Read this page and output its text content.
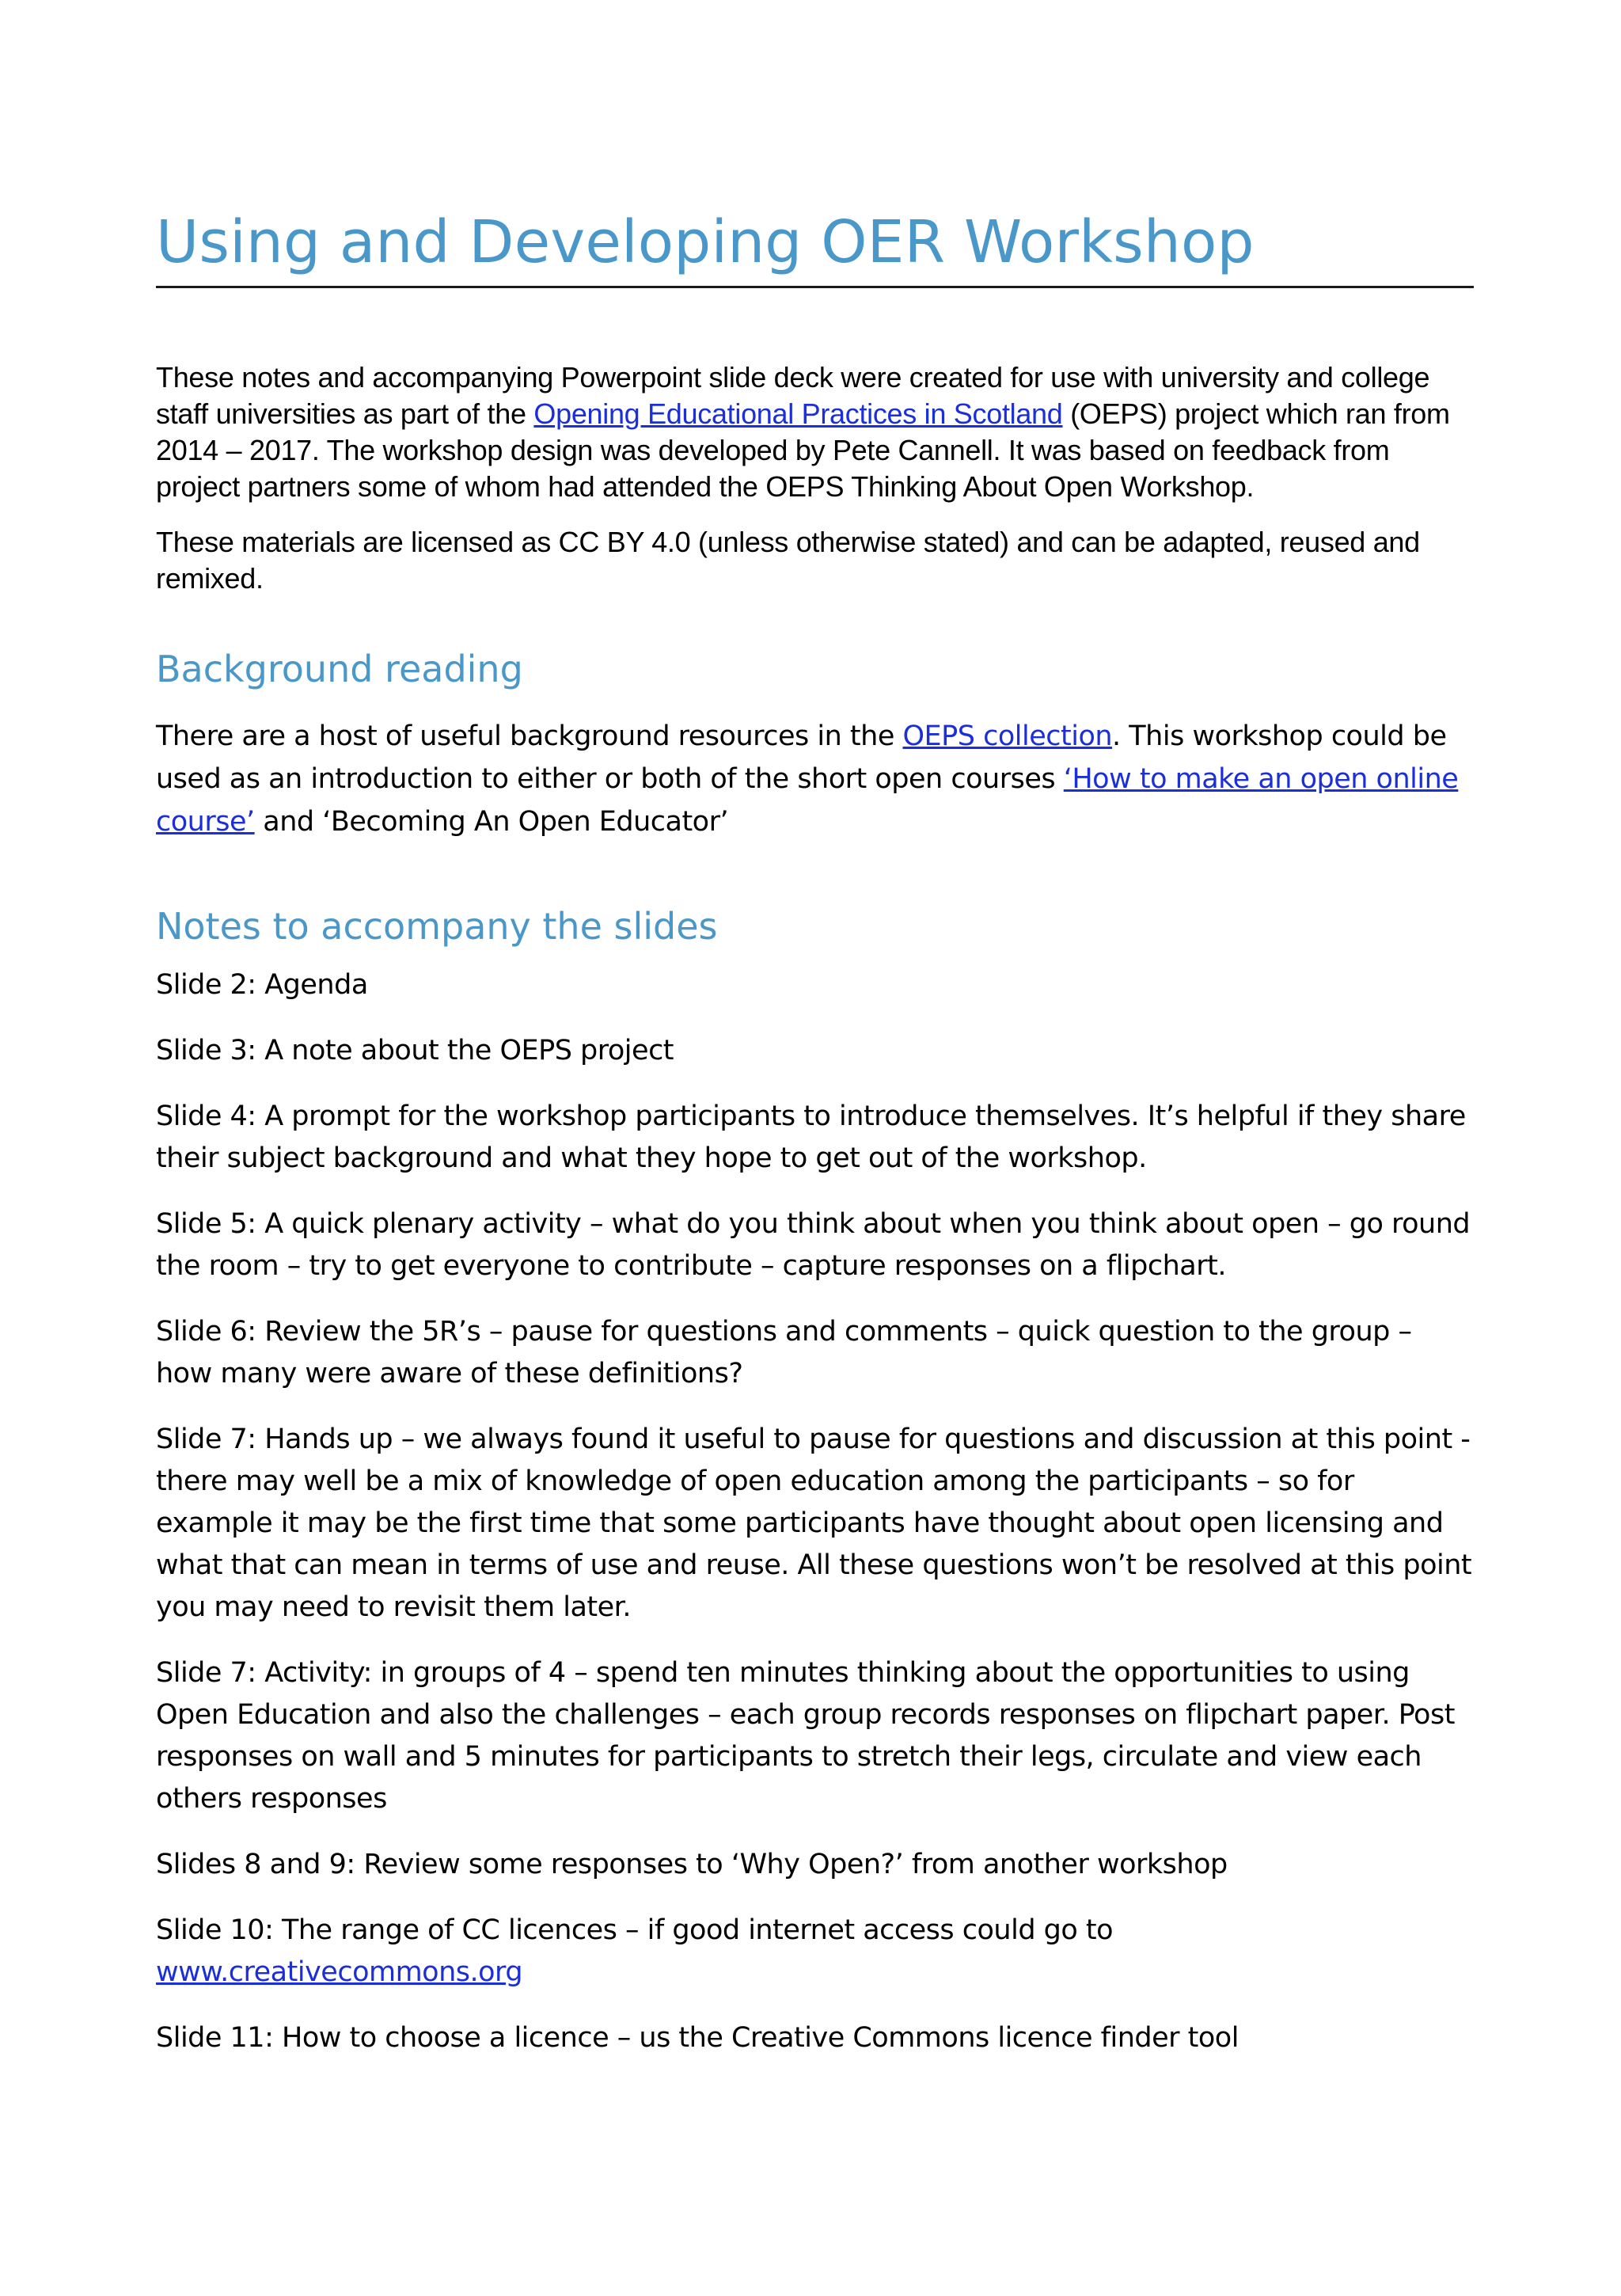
Using and Developing OER Workshop

These notes and accompanying Powerpoint slide deck were created for use with university and college staff universities as part of the Opening Educational Practices in Scotland (OEPS) project which ran from 2014 – 2017. The workshop design was developed by Pete Cannell. It was based on feedback from project partners some of whom had attended the OEPS Thinking About Open Workshop.

These materials are licensed as CC BY 4.0 (unless otherwise stated) and can be adapted, reused and remixed.

Background reading

There are a host of useful background resources in the OEPS collection. This workshop could be used as an introduction to either or both of the short open courses ‘How to make an open online course’ and ‘Becoming An Open Educator’

Notes to accompany the slides

Slide 2: Agenda

Slide 3: A note about the OEPS project

Slide 4: A prompt for the workshop participants to introduce themselves. It’s helpful if they share their subject background and what they hope to get out of the workshop.

Slide 5: A quick plenary activity – what do you think about when you think about open – go round the room – try to get everyone to contribute – capture responses on a flipchart.

Slide 6: Review the 5R’s – pause for questions and comments – quick question to the group – how many were aware of these definitions?

Slide 7: Hands up – we always found it useful to pause for questions and discussion at this point - there may well be a mix of knowledge of open education among the participants – so for example it may be the first time that some participants have thought about open licensing and what that can mean in terms of use and reuse. All these questions won’t be resolved at this point you may need to revisit them later.

Slide 7: Activity: in groups of 4 – spend ten minutes thinking about the opportunities to using Open Education and also the challenges – each group records responses on flipchart paper. Post responses on wall and 5 minutes for participants to stretch their legs, circulate and view each others responses

Slides 8 and 9: Review some responses to ‘Why Open?’ from another workshop

Slide 10: The range of CC licences – if good internet access could go to www.creativecommons.org

Slide 11: How to choose a licence – us the Creative Commons licence finder tool
